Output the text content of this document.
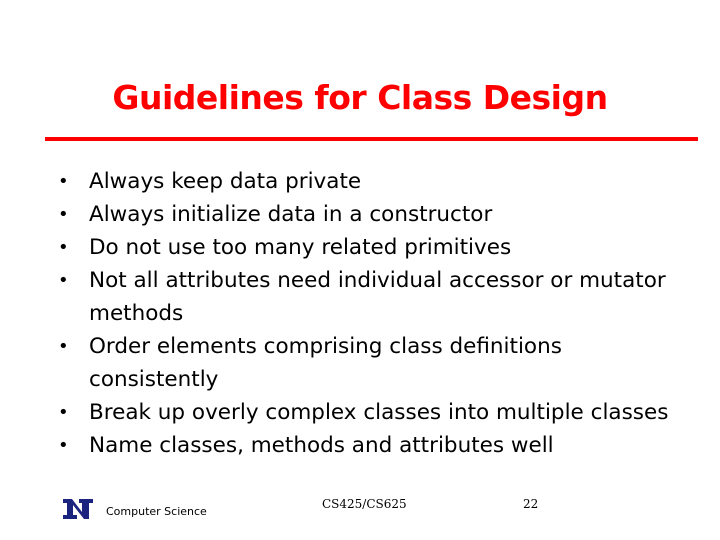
Guidelines for Class Design
• Always keep data private
• Always initialize data in a constructor
• Do not use too many related primitives
• Not all attributes need individual accessor or mutator methods
• Order elements comprising class definitions consistently
• Break up overly complex classes into multiple classes
• Name classes, methods and attributes well
Computer Science
CS425/CS625	22
